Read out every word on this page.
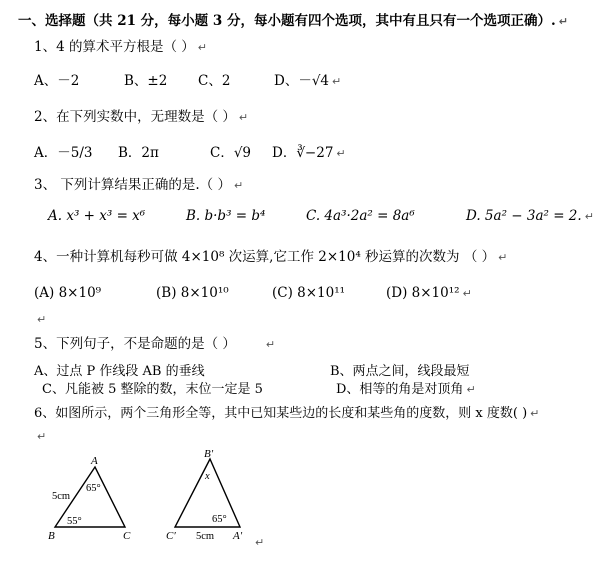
一、选择题（共 21 分，每小题 3 分，每小题有四个选项，其中有且只有一个选项正确）. ↵
1、4 的算术平方根是（ ） ↵
A、－2	B、±2 C、2	D、－√4 ↵
2、在下列实数中，无理数是（ ） ↵
A．－5/3 B．2π	C．√9 D．∛−27 ↵
3、 下列计算结果正确的是.（ ） ↵
A. x³ + x³ = x⁶	B. b·b³ = b⁴	C. 4a³·2a² = 8a⁶	D. 5a² − 3a² = 2. ↵
4、一种计算机每秒可做 4×10⁸ 次运算,它工作 2×10⁴ 秒运算的次数为 （ ） ↵
(A) 8×10⁹	(B) 8×10¹⁰	(C) 8×10¹¹	(D) 8×10¹² ↵
↵
5、下列句子，不是命题的是（ ）	↵
A、过点 P 作线段 AB 的垂线	B、两点之间，线段最短
C、凡能被 5 整除的数，末位一定是 5	D、相等的角是对顶角 ↵
6、如图所示，两个三角形全等，其中已知某些边的长度和某些角的度数，则 x 度数( ) ↵
↵
A
B	C
5cm
65°
55°
B′
C′	A′
x
5cm
65°
↵
